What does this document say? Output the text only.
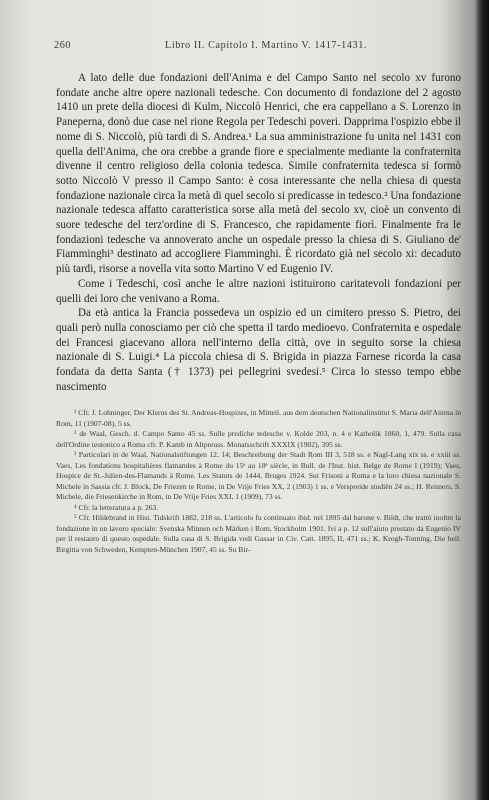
260	Libro II. Capitolo I. Martino V. 1417-1431.

A lato delle due fondazioni dell'Anima e del Campo Santo nel secolo xv furono fondate anche altre opere nazionali tedesche. Con documento di fondazione del 2 agosto 1410 un prete della diocesi di Kulm, Niccolò Henrici, che era cappellano a S. Lorenzo in Paneperna, donò due case nel rione Regola per Tedeschi poveri. Dapprima l'ospizio ebbe il nome di S. Niccolò, più tardi di S. Andrea.¹ La sua amministrazione fu unita nel 1431 con quella dell'Anima, che ora crebbe a grande fiore e specialmente mediante la confraternita divenne il centro religioso della colonia tedesca. Simile confraternita tedesca si formò sotto Niccolò V presso il Campo Santo: è cosa interessante che nella chiesa di questa fondazione nazionale circa la metà di quel secolo si predicasse in tedesco.² Una fondazione nazionale tedesca affatto caratteristica sorse alla metà del secolo xv, cioè un convento di suore tedesche del terz'ordine di S. Francesco, che rapidamente fiorì. Finalmente fra le fondazioni tedesche va annoverato anche un ospedale presso la chiesa di S. Giuliano de' Fiamminghi³ destinato ad accogliere Fiamminghi. È ricordato già nel secolo xi: decaduto più tardi, risorse a novella vita sotto Martino V ed Eugenio IV.

Come i Tedeschi, così anche le altre nazioni istituirono caritatevoli fondazioni per quelli dei loro che venivano a Roma.

Da età antica la Francia possedeva un ospizio ed un cimitero presso S. Pietro, dei quali però nulla conosciamo per ciò che spetta il tardo medioevo. Confraternita e ospedale dei Francesi giacevano allora nell'interno della città, ove in seguito sorse la chiesa nazionale di S. Luigi.⁴ La piccola chiesa di S. Brigida in piazza Farnese ricorda la casa fondata da detta Santa († 1373) pei pellegrini svedesi.⁵ Circa lo stesso tempo ebbe nascimento

¹ Cfr. J. Lohninger, Der Klerus des St. Andreas-Hospizes, in Mitteil. aus dem deutschen Nationalinstitut S. Maria dell'Anima in Rom, 11 (1907-08), 5 ss.

² de Waal, Gesch. d. Campo Santo 45 ss. Sulle prediche tedesche v. Kolde 203, n. 4 e Katholik 1860, 1, 479. Sulla casa dell'Ordine teutonico a Roma cfr. P. Kamb in Altpreuss. Monatsschrift XXXIX (1902), 395 ss.

³ Particolari in de Waal, Nationalstiftungen 12, 14; Beschreibung der Stadt Rom III 3, 518 ss. e Nagl-Lang xix ss. e xxiii ss. Vaes, Les fondations hospitalières flamandes à Rome du 15ᵉ au 18ᵉ siècle, in Bull. de l'Inst. hist. Belge de Rome I (1919); Vaes, Hospice de St.-Julien-des-Flamands à Rome. Les Statuts de 1444, Bruges 1924. Sui Frisoni a Roma e la loro chiesa nazionale S. Michele in Sassia cfr. J. Block, De Friezen te Rome, in De Vrije Fries XX, 2 (1903) 1 ss. e Verspreide studiën 24 ss.; H. Reimers, S. Michele, die Friesenkirche in Rom, in De Vrije Fries XXI, 1 (1909), 73 ss.

⁴ Cfr. la letteratura a p. 263.

⁵ Cfr. Hildebrand in Hist. Tidskrift 1882, 218 ss. L'articolo fu continuato ibid. nel 1895 dal barone v. Bildt, che trattò inoltre la fondazione in un lavoro speciale: Svenska Minnen och Märken i Rom, Stockholm 1901. Ivi a p. 12 sull'aiuto prestato da Eugenio IV per il restauro di questo ospedale. Sulla casa di S. Brigida vedi Gassar in Civ. Catt. 1895, II, 471 ss.; K. Krogh-Tonning, Die heil. Birgitta von Schweden, Kempten-München 1907, 45 ss. Su Bir-
